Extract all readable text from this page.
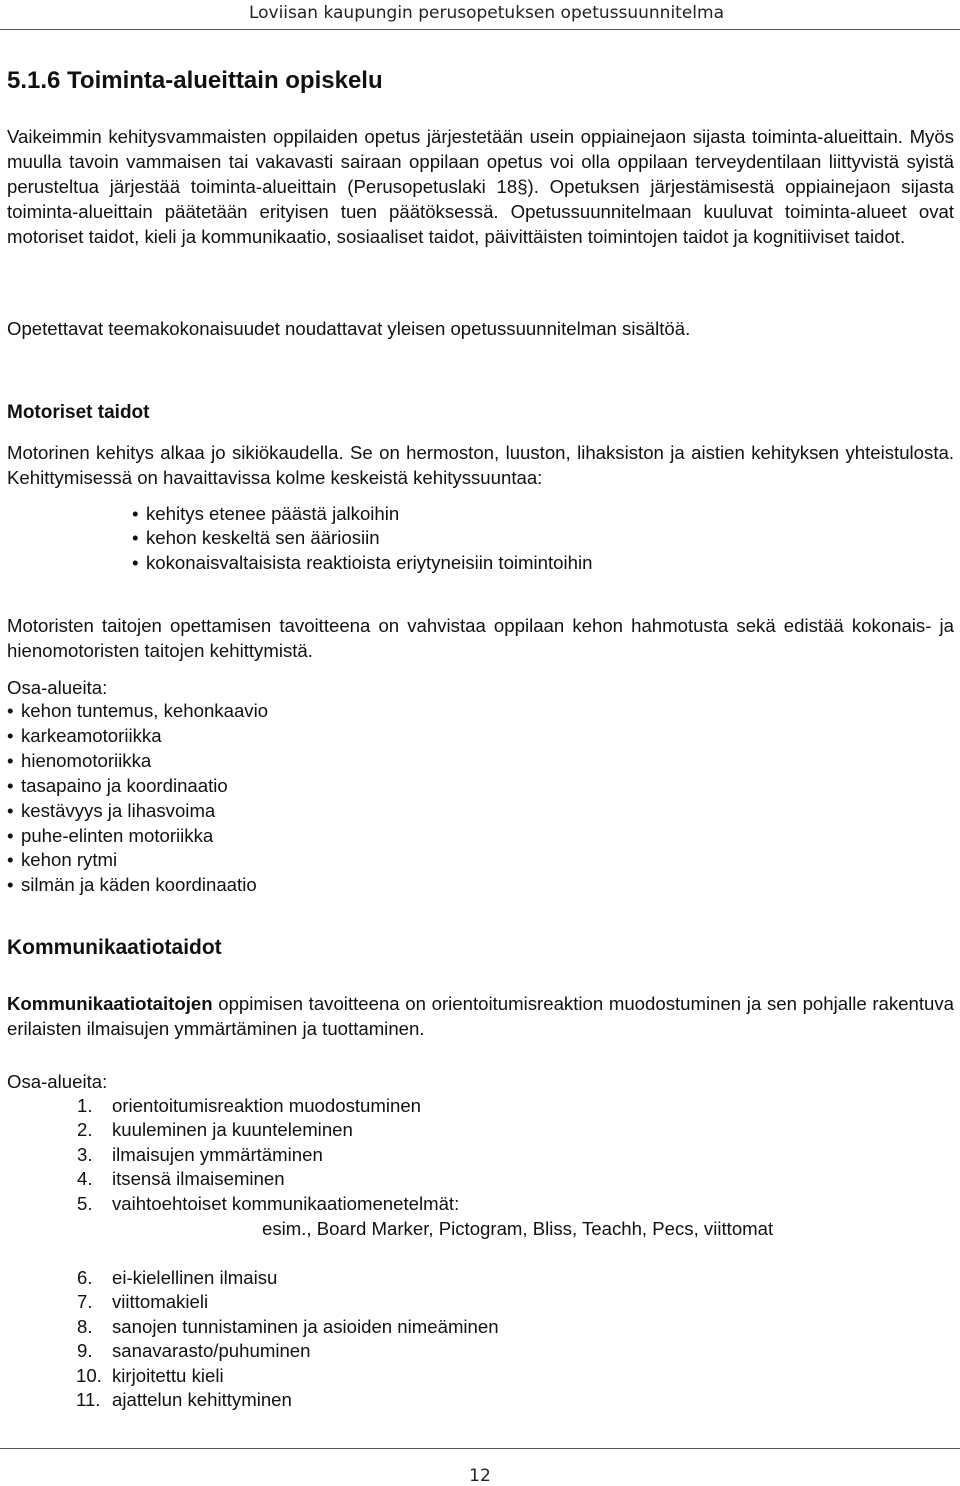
Loviisan kaupungin perusopetuksen opetussuunnitelma
5.1.6 Toiminta-alueittain opiskelu

Vaikeimmin kehitysvammaisten oppilaiden opetus järjestetään usein oppiainejaon sijasta toiminta-alueittain. Myös muulla tavoin vammaisen tai vakavasti sairaan oppilaan opetus voi olla oppilaan terveydentilaan liittyvistä syistä perusteltua järjestää toiminta-alueittain (Perusopetuslaki 18§). Opetuksen järjestämisestä oppiainejaon sijasta toiminta-alueittain päätetään erityisen tuen päätöksessä. Opetussuunnitelmaan kuuluvat toiminta-alueet ovat motoriset taidot, kieli ja kommunikaatio, sosiaaliset taidot, päivittäisten toimintojen taidot ja kognitiiviset taidot.

Opetettavat teemakokonaisuudet noudattavat yleisen opetussuunnitelman sisältöä.

Motoriset taidot

Motorinen kehitys alkaa jo sikiökaudella. Se on hermoston, luuston, lihaksiston ja aistien kehityksen yhteistulosta. Kehittymisessä on havaittavissa kolme keskeistä kehityssuuntaa:

• kehitys etenee päästä jalkoihin
• kehon keskeltä sen ääriosiin
• kokonaisvaltaisista reaktioista eriytyneisiin toimintoihin

Motoristen taitojen opettamisen tavoitteena on vahvistaa oppilaan kehon hahmotusta sekä edistää kokonais- ja hienomotoristen taitojen kehittymistä.

Osa-alueita:
• kehon tuntemus, kehonkaavio
• karkeamotoriikka
• hienomotoriikka
• tasapaino ja koordinaatio
• kestävyys ja lihasvoima
• puhe-elinten motoriikka
• kehon rytmi
• silmän ja käden koordinaatio
Kommunikaatiotaidot

Kommunikaatiotaitojen oppimisen tavoitteena on orientoitumisreaktion muodostuminen ja sen pohjalle rakentuva erilaisten ilmaisujen ymmärtäminen ja tuottaminen.

Osa-alueita:
1. orientoitumisreaktion muodostuminen
2. kuuleminen ja kuunteleminen
3. ilmaisujen ymmärtäminen
4. itsensä ilmaiseminen
5. vaihtoehtoiset kommunikaatiomenetelmät:
esim., Board Marker, Pictogram, Bliss, Teachh, Pecs, viittomat
6. ei-kielellinen ilmaisu
7. viittomakieli
8. sanojen tunnistaminen ja asioiden nimeäminen
9. sanavarasto/puhuminen
10. kirjoitettu kieli
11. ajattelun kehittyminen
12
